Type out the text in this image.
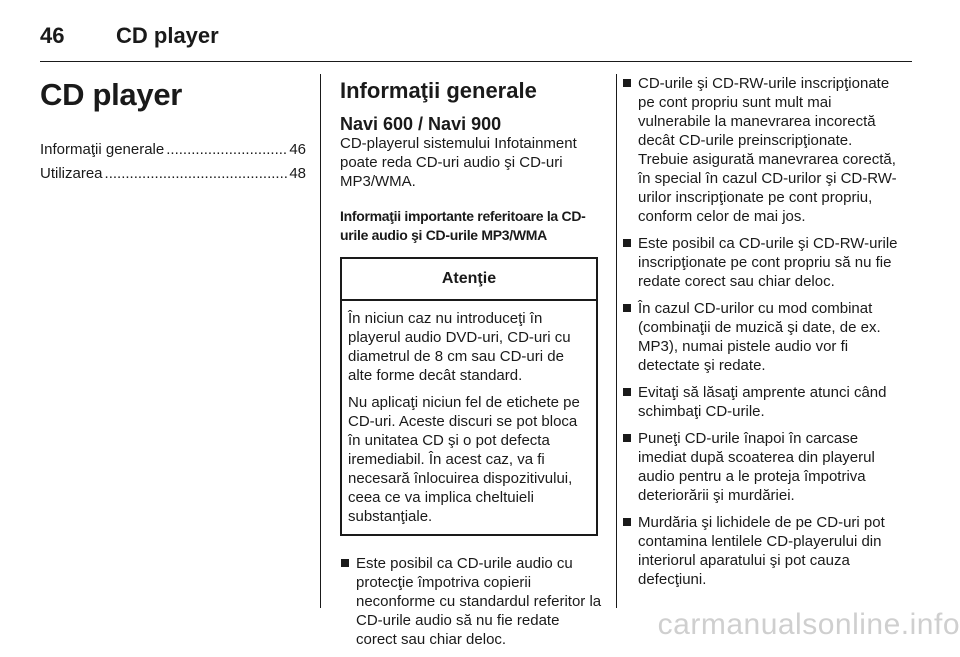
46	CD player
CD player
Informaţii generale .....	46
Utilizarea .....	48
Informaţii generale
Navi 600 / Navi 900

CD-playerul sistemului Infotainment poate reda CD-uri audio şi CD-uri MP3/WMA.

Informaţii importante referitoare la CD-urile audio şi CD-urile MP3/WMA

Atenţie

În niciun caz nu introduceţi în playerul audio DVD-uri, CD-uri cu diametrul de 8 cm sau CD-uri de alte forme decât standard.

Nu aplicaţi niciun fel de etichete pe CD-uri. Aceste discuri se pot bloca în unitatea CD şi o pot defecta iremediabil. În acest caz, va fi necesară înlocuirea dispozitivului, ceea ce va implica cheltuieli substanţiale.

Este posibil ca CD-urile audio cu protecţie împotriva copierii neconforme cu standardul referitor la CD-urile audio să nu fie redate corect sau chiar deloc.
CD-urile şi CD-RW-urile inscripţionate pe cont propriu sunt mult mai vulnerabile la manevrarea incorectă decât CD-urile preinscripţionate. Trebuie asigurată manevrarea corectă, în special în cazul CD-urilor şi CD-RW-urilor inscripţionate pe cont propriu, conform celor de mai jos.
Este posibil ca CD-urile şi CD-RW-urile inscripţionate pe cont propriu să nu fie redate corect sau chiar deloc.
În cazul CD-urilor cu mod combinat (combinaţii de muzică şi date, de ex. MP3), numai pistele audio vor fi detectate şi redate.
Evitaţi să lăsaţi amprente atunci când schimbaţi CD-urile.
Puneţi CD-urile înapoi în carcase imediat după scoaterea din playerul audio pentru a le proteja împotriva deteriorării şi murdăriei.
Murdăria şi lichidele de pe CD-uri pot contamina lentilele CD-playerului din interiorul aparatului şi pot cauza defecţiuni.
carmanualsonline.info
